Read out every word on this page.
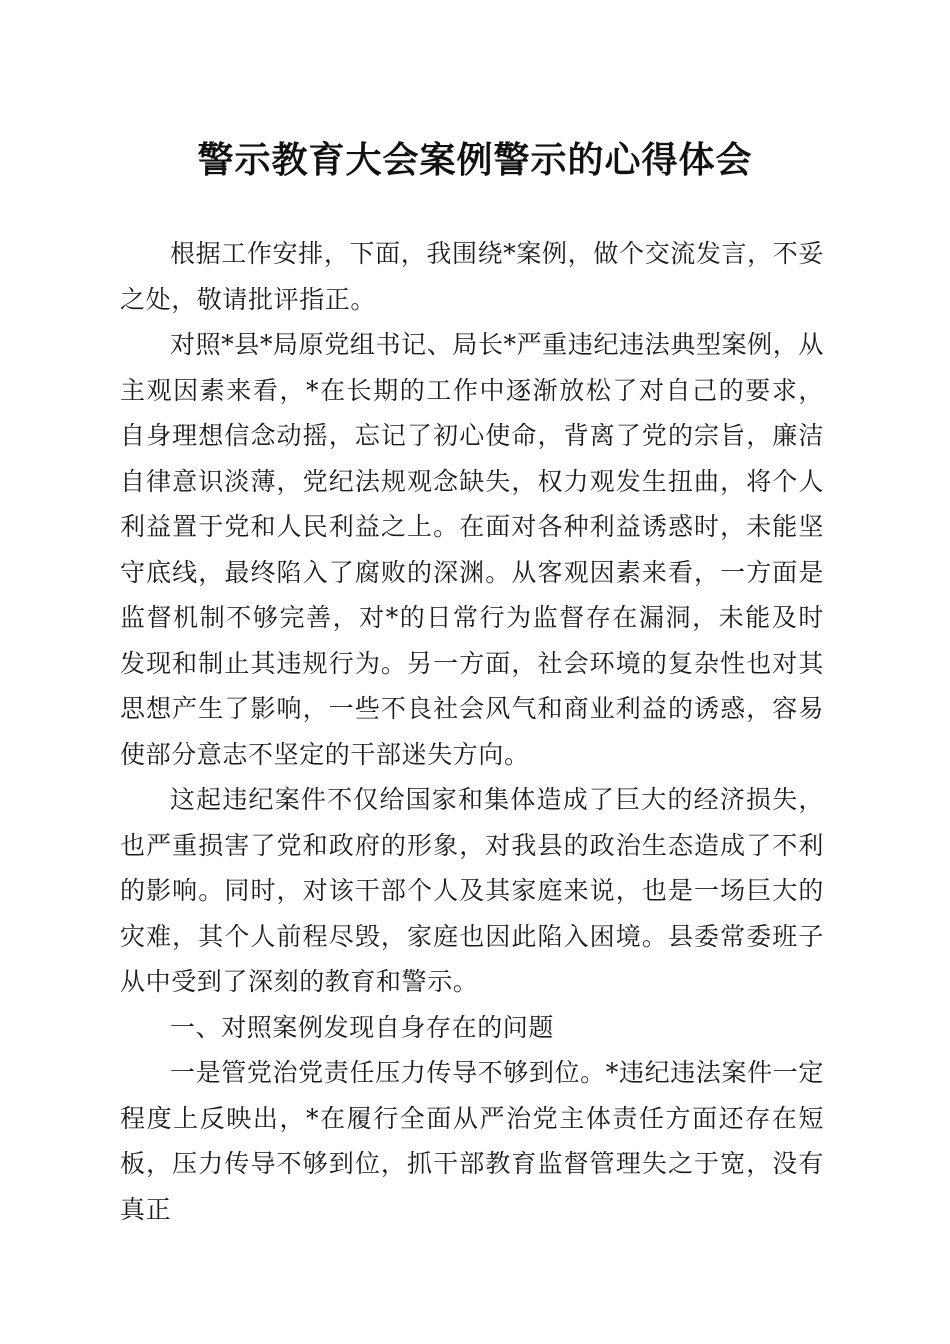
警示教育大会案例警示的心得体会

根据工作安排，下面，我围绕*案例，做个交流发言，不妥之处，敬请批评指正。

对照*县*局原党组书记、局长*严重违纪违法典型案例，从主观因素来看，*在长期的工作中逐渐放松了对自己的要求，自身理想信念动摇，忘记了初心使命，背离了党的宗旨，廉洁自律意识淡薄，党纪法规观念缺失，权力观发生扭曲，将个人利益置于党和人民利益之上。在面对各种利益诱惑时，未能坚守底线，最终陷入了腐败的深渊。从客观因素来看，一方面是监督机制不够完善，对*的日常行为监督存在漏洞，未能及时发现和制止其违规行为。另一方面，社会环境的复杂性也对其思想产生了影响，一些不良社会风气和商业利益的诱惑，容易使部分意志不坚定的干部迷失方向。

这起违纪案件不仅给国家和集体造成了巨大的经济损失，也严重损害了党和政府的形象，对我县的政治生态造成了不利的影响。同时，对该干部个人及其家庭来说，也是一场巨大的灾难，其个人前程尽毁，家庭也因此陷入困境。县委常委班子从中受到了深刻的教育和警示。

一、对照案例发现自身存在的问题

一是管党治党责任压力传导不够到位。*违纪违法案件一定程度上反映出，*在履行全面从严治党主体责任方面还存在短板，压力传导不够到位，抓干部教育监督管理失之于宽，没有真正
